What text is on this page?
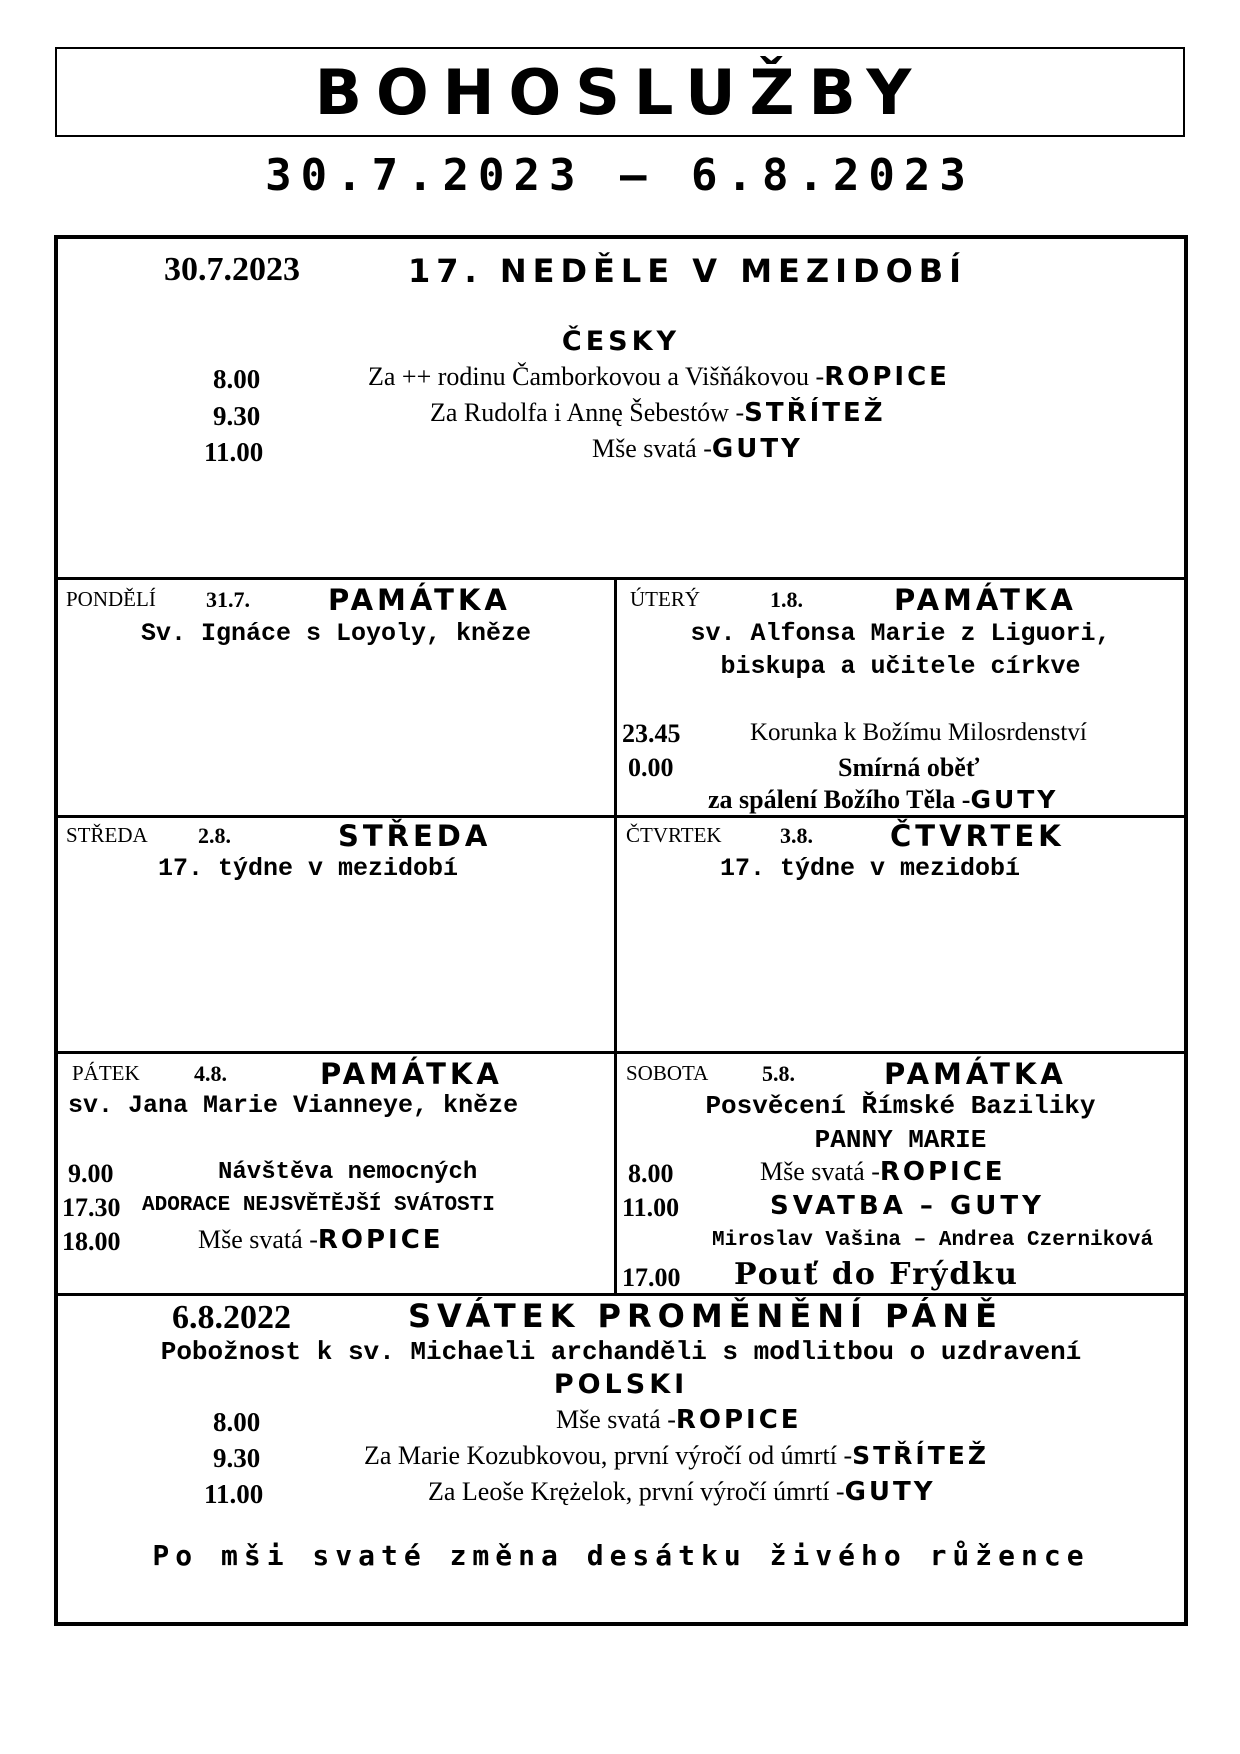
BOHOSLUŽBY
30.7.2023 – 6.8.2023
30.7.2023	17. NEDĚLE V MEZIDOBÍ
ČESKY
8.00	Za ++ rodinu Čamborkovou a Višňákovou - ROPICE
9.30	Za Rudolfa i Annę Šebestów - STŘÍTEŽ
11.00	Mše svatá - GUTY
PONDĚLÍ 31.7.	PAMÁTKA
Sv. Ignáce s Loyoly, kněze
ÚTERÝ	1.8.	PAMÁTKA
sv. Alfonsa Marie z Liguori,
biskupa a učitele církve
23.45	Korunka k Božímu Milosrdenství
0.00	Smírná oběť
za spálení Božího Těla - GUTY
STŘEDA 2.8.	STŘEDA
17. týdne v mezidobí
ČTVRTEK	3.8.	ČTVRTEK
17. týdne v mezidobí
PÁTEK 4.8.	PAMÁTKA
sv. Jana Marie Vianneye, kněze
9.00	Návštěva nemocných
17.30 ADORACE NEJSVĚTĚJŠÍ SVÁTOSTI
18.00	Mše svatá - ROPICE
SOBOTA 5.8.	PAMÁTKA
Posvěcení Římské Baziliky
PANNY MARIE
8.00	Mše svatá - ROPICE
11.00	SVATBA – GUTY
Miroslav Vašina – Andrea Czerniková
17.00 Pouť do Frýdku
6.8.2022	SVÁTEK PROMĚNĚNÍ PÁNĚ
Pobožnost k sv. Michaeli archanděli s modlitbou o uzdravení
POLSKI
8.00	Mše svatá - ROPICE
9.30	Za Marie Kozubkovou, první výročí od úmrtí - STŘÍTEŽ
11.00	Za Leoše Krężelok, první výročí úmrtí - GUTY
Po mši svaté změna desátku živého růžence
